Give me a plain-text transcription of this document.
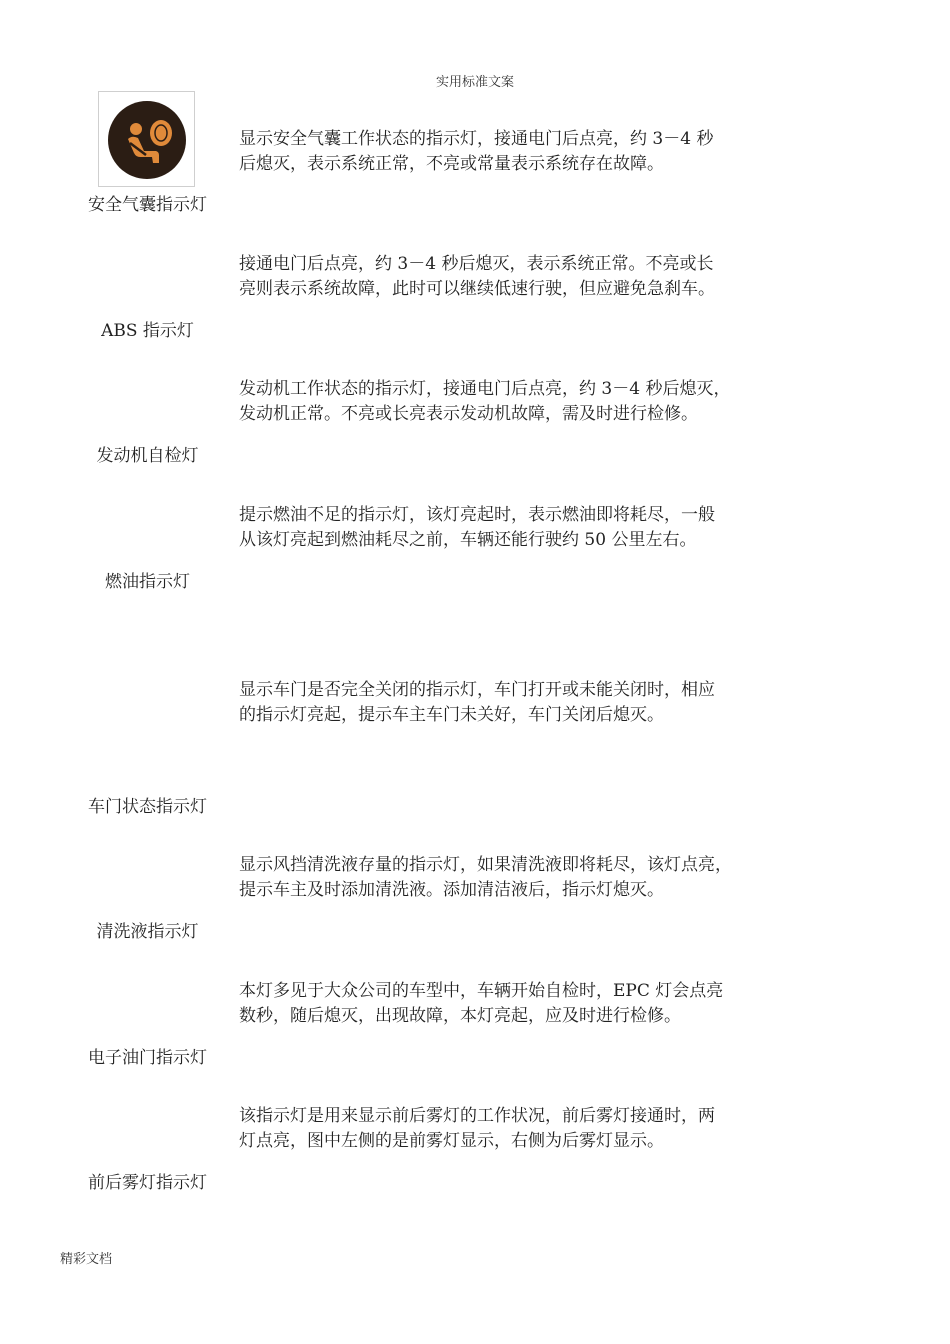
实用标准文案
安全气囊指示灯
显示安全气囊工作状态的指示灯，接通电门后点亮，约 3－4 秒
后熄灭，表示系统正常，不亮或常量表示系统存在故障。
ABS 指示灯
接通电门后点亮，约 3－4 秒后熄灭，表示系统正常。不亮或长
亮则表示系统故障，此时可以继续低速行驶，但应避免急刹车。
发动机自检灯
发动机工作状态的指示灯，接通电门后点亮，约 3－4 秒后熄灭，
发动机正常。不亮或长亮表示发动机故障，需及时进行检修。
燃油指示灯
提示燃油不足的指示灯，该灯亮起时，表示燃油即将耗尽，一般
从该灯亮起到燃油耗尽之前，车辆还能行驶约 50 公里左右。
车门状态指示灯
显示车门是否完全关闭的指示灯，车门打开或未能关闭时，相应
的指示灯亮起，提示车主车门未关好，车门关闭后熄灭。
清洗液指示灯
显示风挡清洗液存量的指示灯，如果清洗液即将耗尽，该灯点亮，
提示车主及时添加清洗液。添加清洁液后，指示灯熄灭。
电子油门指示灯
本灯多见于大众公司的车型中，车辆开始自检时，EPC 灯会点亮
数秒，随后熄灭，出现故障，本灯亮起，应及时进行检修。
前后雾灯指示灯
该指示灯是用来显示前后雾灯的工作状况，前后雾灯接通时，两
灯点亮，图中左侧的是前雾灯显示，右侧为后雾灯显示。
精彩文档
